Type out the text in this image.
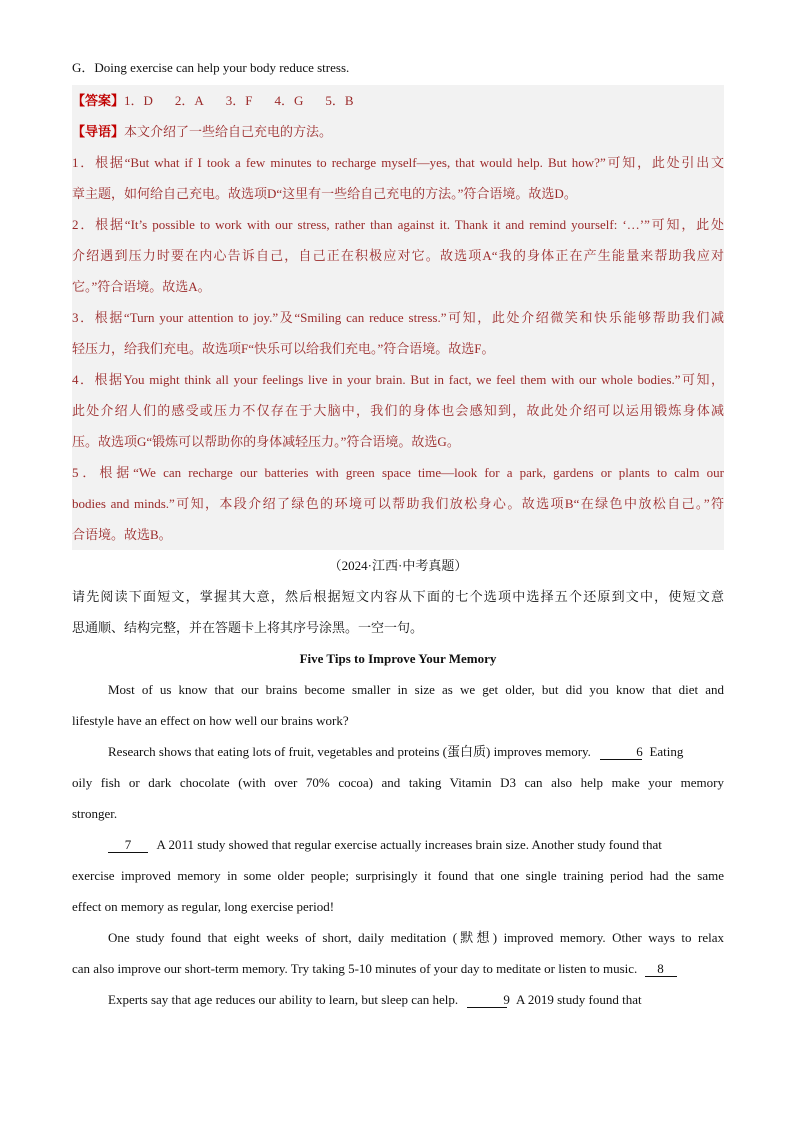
G．Doing exercise can help your body reduce stress.
【答案】1．D 2．A 3．F 4．G 5．B
【导语】本文介绍了一些给自己充电的方法。
1．根据“But what if I took a few minutes to recharge myself—yes, that would help. But how?”可知，此处引出文
章主题，如何给自己充电。故选项D“这里有一些给自己充电的方法。”符合语境。故选D。
2．根据“It’s possible to work with our stress, rather than against it. Thank it and remind yourself: ‘…’”可知，此处
介绍遇到压力时要在内心告诉自己，自己正在积极应对它。故选项A“我的身体正在产生能量来帮助我应对
它。”符合语境。故选A。
3．根据“Turn your attention to joy.”及“Smiling can reduce stress.”可知，此处介绍微笑和快乐能够帮助我们减
轻压力，给我们充电。故选项F“快乐可以给我们充电。”符合语境。故选F。
4．根据You might think all your feelings live in your brain. But in fact, we feel them with our whole bodies.”可知，
此处介绍人们的感受或压力不仅存在于大脑中，我们的身体也会感知到，故此处介绍可以运用锻炼身体减
压。故选项G“锻炼可以帮助你的身体减轻压力。”符合语境。故选G。
5．根据“We can recharge our batteries with green space time—look for a park, gardens or plants to calm our
bodies and minds.”可知，本段介绍了绿色的环境可以帮助我们放松身心。故选项B“在绿色中放松自己。”符
合语境。故选B。
（2024·江西·中考真题）
请先阅读下面短文，掌握其大意，然后根据短文内容从下面的七个选项中选择五个还原到文中，使短文意
思通顺、结构完整，并在答题卡上将其序号涂黑。一空一句。
Five Tips to Improve Your Memory
Most of us know that our brains become smaller in size as we get older, but did you know that diet and
lifestyle have an effect on how well our brains work?
Research shows that eating lots of fruit, vegetables and proteins (蛋白质) improves memory.	6 Eating
oily fish or dark chocolate (with over 70% cocoa) and taking Vitamin D3 can also help make your memory
stronger.
7 A 2011 study showed that regular exercise actually increases brain size. Another study found that
exercise improved memory in some older people; surprisingly it found that one single training period had the same
effect on memory as regular, long exercise period!
One study found that eight weeks of short, daily meditation (默想) improved memory. Other ways to relax
can also improve our short-term memory. Try taking 5-10 minutes of your day to meditate or listen to music. 8
Experts say that age reduces our ability to learn, but sleep can help.	9 A 2019 study found that
